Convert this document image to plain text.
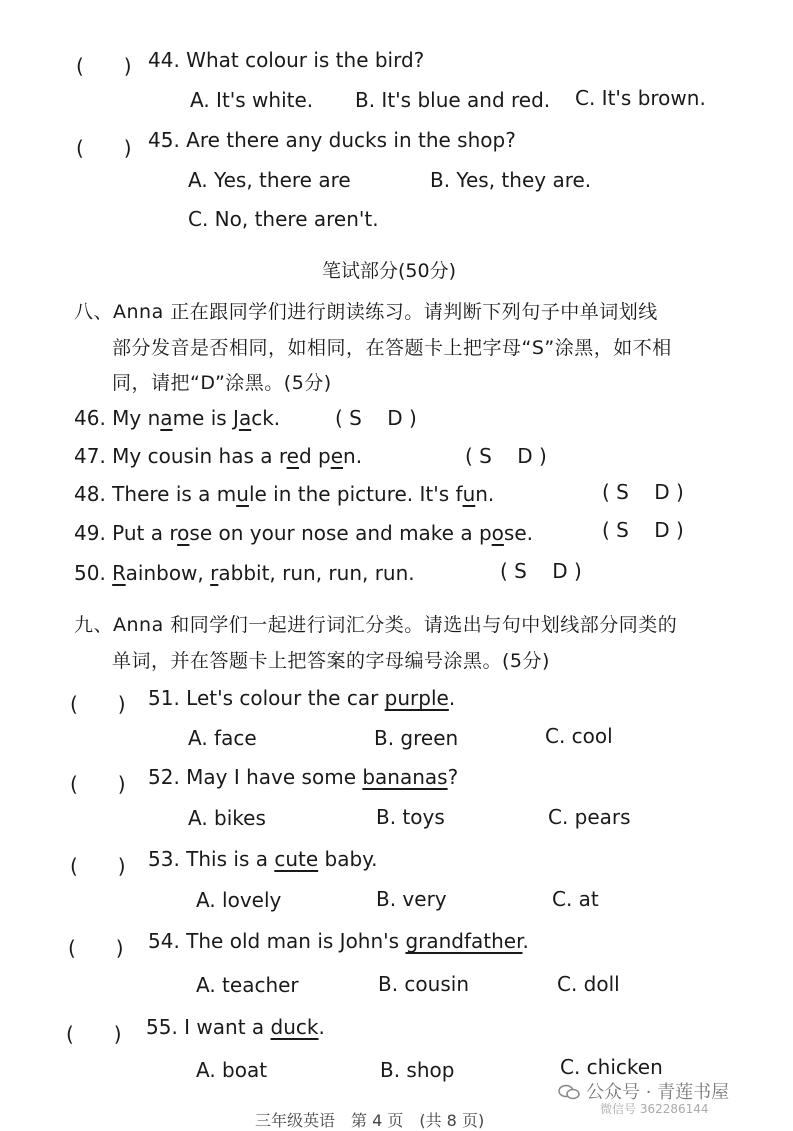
(　　) 44. What colour is the bird?
A. It's white. B. It's blue and red. C. It's brown.
(　　) 45. Are there any ducks in the shop?
A. Yes, there are	B. Yes, they are.
C. No, there aren't.
笔试部分(50分)
八、Anna 正在跟同学们进行朗读练习。请判断下列句子中单词划线
部分发音是否相同，如相同，在答题卡上把字母“S”涂黑，如不相
同，请把“D”涂黑。(5分)
46. My name is Jack.	( S    D )
47. My cousin has a red pen.	( S    D )
48. There is a mule in the picture. It's fun.	( S    D )
49. Put a rose on your nose and make a pose.	( S    D )
50. Rainbow, rabbit, run, run, run.	( S    D )
九、Anna 和同学们一起进行词汇分类。请选出与句中划线部分同类的
单词，并在答题卡上把答案的字母编号涂黑。(5分)
(　　) 51. Let's colour the car purple.
A. face	B. green	C. cool
(　　) 52. May I have some bananas?
A. bikes	B. toys	C. pears
(　　) 53. This is a cute baby.
A. lovely	B. very	C. at
(　　) 54. The old man is John's grandfather.
A. teacher	B. cousin	C. doll
(　　) 55. I want a duck.
A. boat	B. shop	C. chicken
公众号 · 青莲书屋
微信号 362286144
三年级英语　第 4 页　(共 8 页)
